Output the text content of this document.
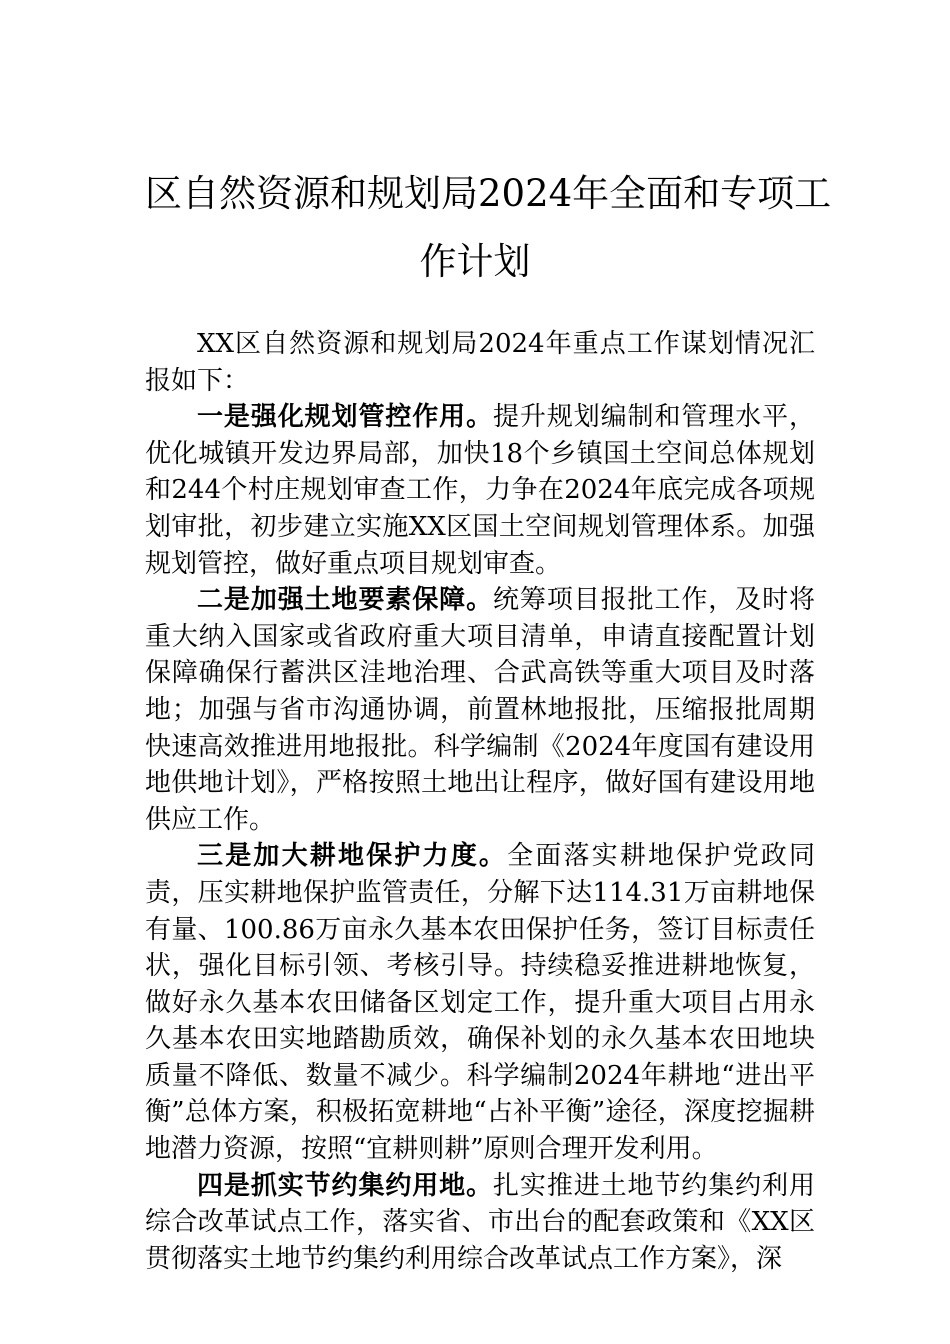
区自然资源和规划局2024年全面和专项工
作计划

XX区自然资源和规划局2024年重点工作谋划情况汇报如下：

一是强化规划管控作用。提升规划编制和管理水平，优化城镇开发边界局部，加快18个乡镇国土空间总体规划和244个村庄规划审查工作，力争在2024年底完成各项规划审批，初步建立实施XX区国土空间规划管理体系。加强规划管控，做好重点项目规划审查。

二是加强土地要素保障。统筹项目报批工作，及时将重大纳入国家或省政府重大项目清单，申请直接配置计划保障确保行蓄洪区洼地治理、合武高铁等重大项目及时落地；加强与省市沟通协调，前置林地报批，压缩报批周期快速高效推进用地报批。科学编制《2024年度国有建设用地供地计划》，严格按照土地出让程序，做好国有建设用地供应工作。

三是加大耕地保护力度。全面落实耕地保护党政同责，压实耕地保护监管责任，分解下达114.31万亩耕地保有量、100.86万亩永久基本农田保护任务，签订目标责任状，强化目标引领、考核引导。持续稳妥推进耕地恢复，做好永久基本农田储备区划定工作，提升重大项目占用永久基本农田实地踏勘质效，确保补划的永久基本农田地块质量不降低、数量不减少。科学编制2024年耕地“进出平衡”总体方案，积极拓宽耕地“占补平衡”途径，深度挖掘耕地潜力资源，按照“宜耕则耕”原则合理开发利用。

四是抓实节约集约用地。扎实推进土地节约集约利用综合改革试点工作，落实省、市出台的配套政策和《XX区贯彻落实土地节约集约利用综合改革试点工作方案》，深
